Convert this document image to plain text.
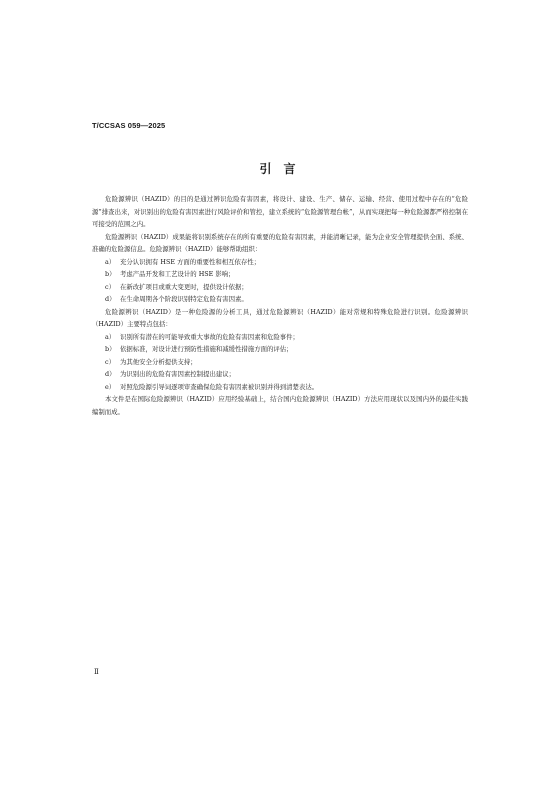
T/CCSAS 059—2025
引　言

危险源辨识（HAZID）的目的是通过辨识危险有害因素，将设计、建设、生产、储存、运输、经营、使用过程中存在的“危险源”排查出来，对识别出的危险有害因素进行风险评价和管控，建立系统的“危险源管理台帐”，从而实现把每一种危险源都严格控制在可接受的范围之内。

危险源辨识（HAZID）成果能将识别系统存在的所有重要的危险有害因素，并能清晰记录，能为企业安全管理提供全面、系统、准确的危险源信息。危险源辨识（HAZID）能够帮助组织：

a） 充分认识拥有 HSE 方面的重要性和相互依存性；

b） 考虑产品开发和工艺设计的 HSE 影响；

c） 在新改扩项目或重大变更时，提供设计依据；

d） 在生命周期各个阶段识别特定危险有害因素。

危险源辨识（HAZID）是一种危险源的分析工具，通过危险源辨识（HAZID）能对常规和特殊危险进行识别。危险源辨识（HAZID）主要特点包括：

a） 识别所有潜在的可能导致重大事故的危险有害因素和危险事件；

b） 依据标准，对设计进行预防性措施和减缓性措施方面的评估；

c） 为其他安全分析提供支持；

d） 为识别出的危险有害因素控制提出建议；

e） 对照危险源引导词逐项审查确保危险有害因素被识别并得到清楚表达。

本文件是在国际危险源辨识（HAZID）应用经验基础上，结合国内危险源辨识（HAZID）方法应用现状以及国内外的最佳实践编制而成。

Ⅱ
